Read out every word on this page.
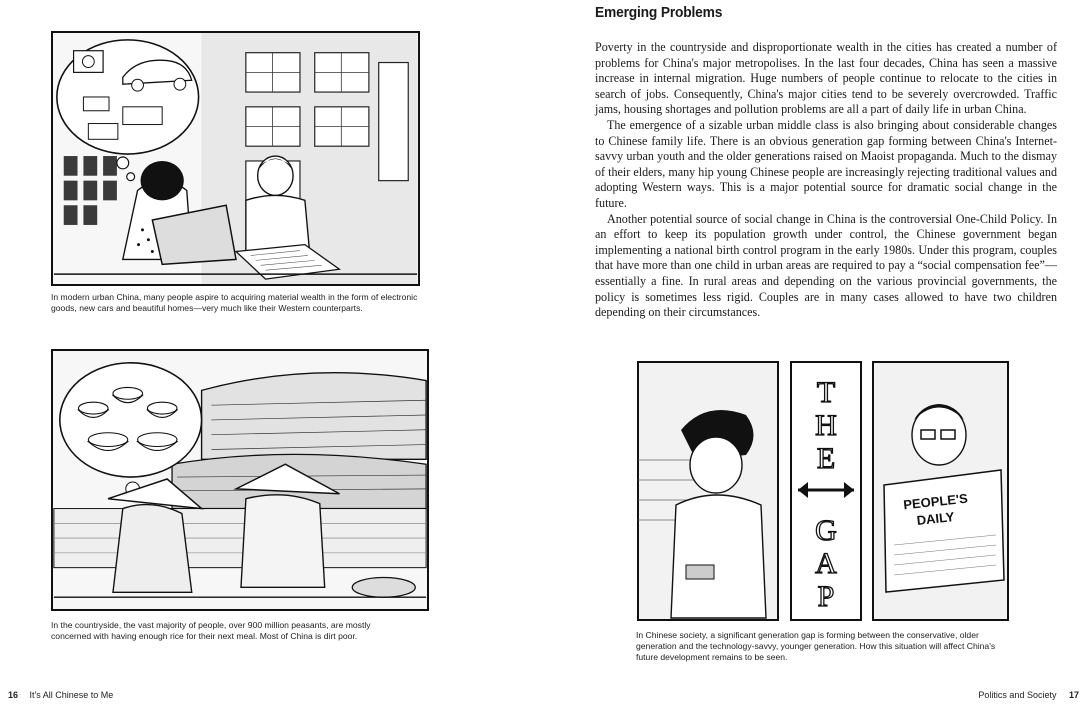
In modern urban China, many people aspire to acquiring material wealth in the form of electronic goods, new cars and beautiful homes—very much like their Western counterparts.

In the countryside, the vast majority of people, over 900 million peasants, are mostly concerned with having enough rice for their next meal. Most of China is dirt poor.

16 It's All Chinese to Me
Emerging Problems

Poverty in the countryside and disproportionate wealth in the cities has created a number of problems for China's major metropolises. In the last four decades, China has seen a massive increase in internal migration. Huge numbers of people continue to relocate to the cities in search of jobs. Consequently, China's major cities tend to be severely overcrowded. Traffic jams, housing shortages and pollution problems are all a part of daily life in urban China.

The emergence of a sizable urban middle class is also bringing about considerable changes to Chinese family life. There is an obvious generation gap forming between China's Internet-savvy urban youth and the older generations raised on Maoist propaganda. Much to the dismay of their elders, many hip young Chinese people are increasingly rejecting traditional values and adopting Western ways. This is a major potential source for dramatic social change in the future.

Another potential source of social change in China is the controversial One-Child Policy. In an effort to keep its population growth under control, the Chinese government began implementing a national birth control program in the early 1980s. Under this program, couples that have more than one child in urban areas are required to pay a “social compensation fee”—essentially a fine. In rural areas and depending on the various provincial governments, the policy is sometimes less rigid. Couples are in many cases allowed to have two children depending on their circumstances.

T
H
E
G
A
P
PEOPLE'S
DAILY

In Chinese society, a significant generation gap is forming between the conservative, older generation and the technology-savvy, younger generation. How this situation will affect China's future development remains to be seen.

Politics and Society 17
